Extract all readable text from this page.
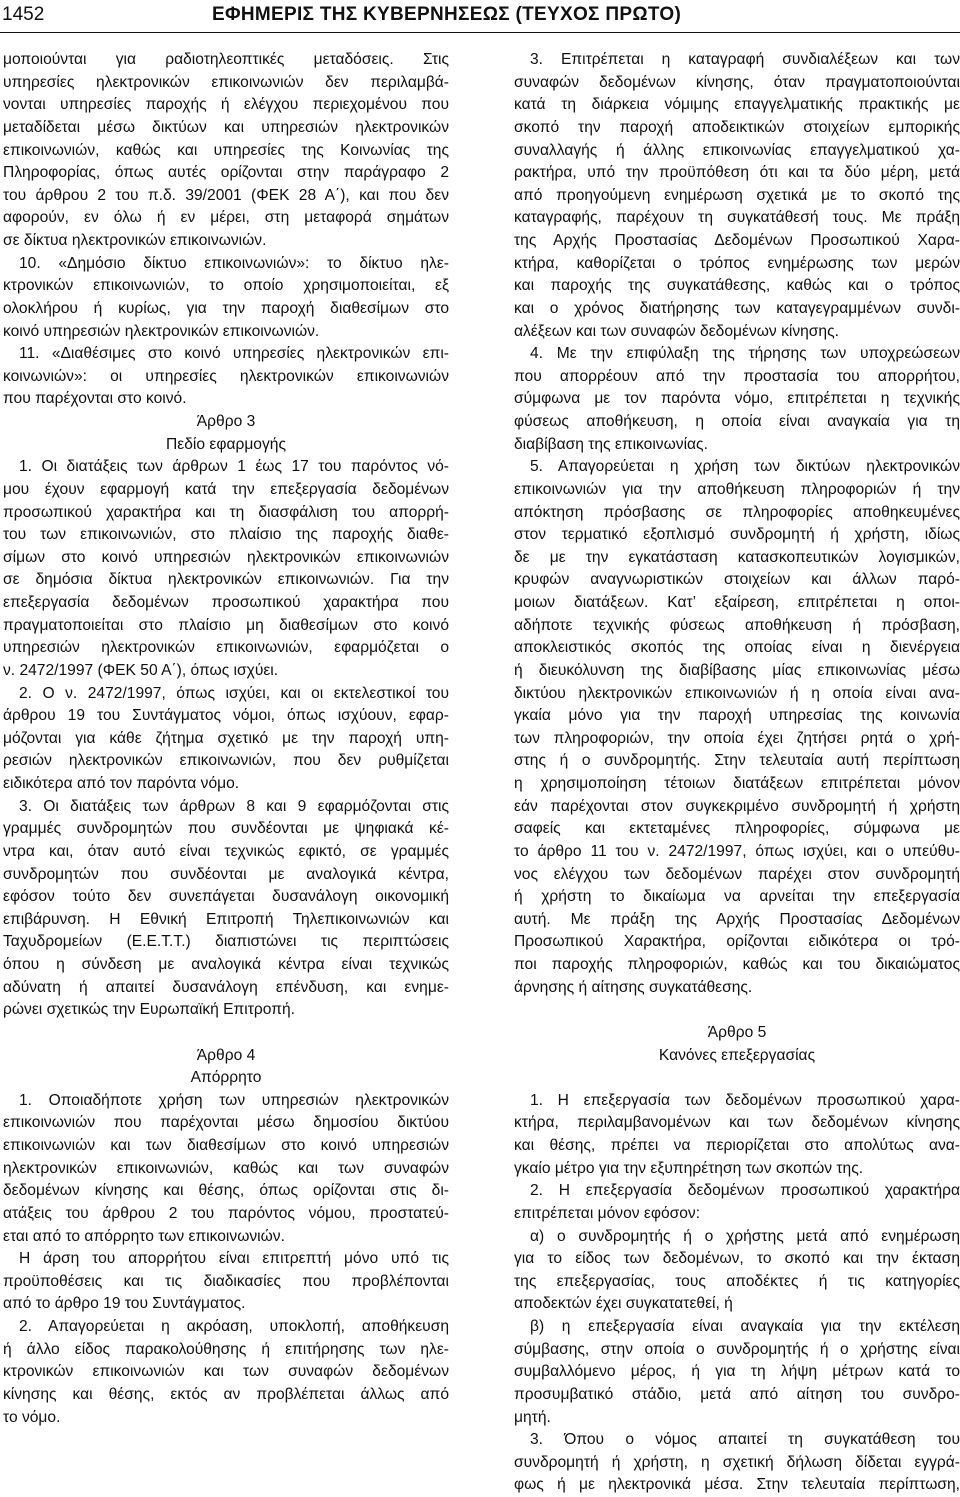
1452	ΕΦΗΜΕΡΙΣ ΤΗΣ ΚΥΒΕΡΝΗΣΕΩΣ (ΤΕΥΧΟΣ ΠΡΩΤΟ)
μοποιούνται για ραδιοτηλεοπτικές μεταδόσεις. Στις
υπηρεσίες ηλεκτρονικών επικοινωνιών δεν περιλαμβά-
νονται υπηρεσίες παροχής ή ελέγχου περιεχομένου που
μεταδίδεται μέσω δικτύων και υπηρεσιών ηλεκτρονικών
επικοινωνιών, καθώς και υπηρεσίες της Κοινωνίας της
Πληροφορίας, όπως αυτές ορίζονται στην παράγραφο 2
του άρθρου 2 του π.δ. 39/2001 (ΦΕΚ 28 Α΄), και που δεν
αφορούν, εν όλω ή εν μέρει, στη μεταφορά σημάτων
σε δίκτυα ηλεκτρονικών επικοινωνιών.
10. «Δημόσιο δίκτυο επικοινωνιών»: το δίκτυο ηλε-
κτρονικών επικοινωνιών, το οποίο χρησιμοποιείται, εξ
ολοκλήρου ή κυρίως, για την παροχή διαθεσίμων στο
κοινό υπηρεσιών ηλεκτρονικών επικοινωνιών.
11. «Διαθέσιμες στο κοινό υπηρεσίες ηλεκτρονικών επι-
κοινωνιών»: οι υπηρεσίες ηλεκτρονικών επικοινωνιών
που παρέχονται στο κοινό.
Άρθρο 3
Πεδίο εφαρμογής
1. Οι διατάξεις των άρθρων 1 έως 17 του παρόντος νό-
μου έχουν εφαρμογή κατά την επεξεργασία δεδομένων
προσωπικού χαρακτήρα και τη διασφάλιση του απορρή-
του των επικοινωνιών, στο πλαίσιο της παροχής διαθε-
σίμων στο κοινό υπηρεσιών ηλεκτρονικών επικοινωνιών
σε δημόσια δίκτυα ηλεκτρονικών επικοινωνιών. Για την
επεξεργασία δεδομένων προσωπικού χαρακτήρα που
πραγματοποιείται στο πλαίσιο μη διαθεσίμων στο κοινό
υπηρεσιών ηλεκτρονικών επικοινωνιών, εφαρμόζεται ο
ν. 2472/1997 (ΦΕΚ 50 Α΄), όπως ισχύει.
2. Ο ν. 2472/1997, όπως ισχύει, και οι εκτελεστικοί του
άρθρου 19 του Συντάγματος νόμοι, όπως ισχύουν, εφαρ-
μόζονται για κάθε ζήτημα σχετικό με την παροχή υπη-
ρεσιών ηλεκτρονικών επικοινωνιών, που δεν ρυθμίζεται
ειδικότερα από τον παρόντα νόμο.
3. Οι διατάξεις των άρθρων 8 και 9 εφαρμόζονται στις
γραμμές συνδρομητών που συνδέονται με ψηφιακά κέ-
ντρα και, όταν αυτό είναι τεχνικώς εφικτό, σε γραμμές
συνδρομητών που συνδέονται με αναλογικά κέντρα,
εφόσον τούτο δεν συνεπάγεται δυσανάλογη οικονομική
επιβάρυνση. Η Εθνική Επιτροπή Τηλεπικοινωνιών και
Ταχυδρομείων (Ε.Ε.Τ.Τ.) διαπιστώνει τις περιπτώσεις
όπου η σύνδεση με αναλογικά κέντρα είναι τεχνικώς
αδύνατη ή απαιτεί δυσανάλογη επένδυση, και ενημε-
ρώνει σχετικώς την Ευρωπαϊκή Επιτροπή.
Άρθρο 4
Απόρρητο
1. Οποιαδήποτε χρήση των υπηρεσιών ηλεκτρονικών
επικοινωνιών που παρέχονται μέσω δημοσίου δικτύου
επικοινωνιών και των διαθεσίμων στο κοινό υπηρεσιών
ηλεκτρονικών επικοινωνιών, καθώς και των συναφών
δεδομένων κίνησης και θέσης, όπως ορίζονται στις δι-
ατάξεις του άρθρου 2 του παρόντος νόμου, προστατεύ-
εται από το απόρρητο των επικοινωνιών.
Η άρση του απορρήτου είναι επιτρεπτή μόνο υπό τις
προϋποθέσεις και τις διαδικασίες που προβλέπονται
από το άρθρο 19 του Συντάγματος.
2. Απαγορεύεται η ακρόαση, υποκλοπή, αποθήκευση
ή άλλο είδος παρακολούθησης ή επιτήρησης των ηλε-
κτρονικών επικοινωνιών και των συναφών δεδομένων
κίνησης και θέσης, εκτός αν προβλέπεται άλλως από
το νόμο.
3. Επιτρέπεται η καταγραφή συνδιαλέξεων και των
συναφών δεδομένων κίνησης, όταν πραγματοποιούνται
κατά τη διάρκεια νόμιμης επαγγελματικής πρακτικής με
σκοπό την παροχή αποδεικτικών στοιχείων εμπορικής
συναλλαγής ή άλλης επικοινωνίας επαγγελματικού χα-
ρακτήρα, υπό την προϋπόθεση ότι και τα δύο μέρη, μετά
από προηγούμενη ενημέρωση σχετικά με το σκοπό της
καταγραφής, παρέχουν τη συγκατάθεσή τους. Με πράξη
της Αρχής Προστασίας Δεδομένων Προσωπικού Χαρα-
κτήρα, καθορίζεται ο τρόπος ενημέρωσης των μερών
και παροχής της συγκατάθεσης, καθώς και ο τρόπος
και ο χρόνος διατήρησης των καταγεγραμμένων συνδι-
αλέξεων και των συναφών δεδομένων κίνησης.
4. Με την επιφύλαξη της τήρησης των υποχρεώσεων
που απορρέουν από την προστασία του απορρήτου,
σύμφωνα με τον παρόντα νόμο, επιτρέπεται η τεχνικής
φύσεως αποθήκευση, η οποία είναι αναγκαία για τη
διαβίβαση της επικοινωνίας.
5. Απαγορεύεται η χρήση των δικτύων ηλεκτρονικών
επικοινωνιών για την αποθήκευση πληροφοριών ή την
απόκτηση πρόσβασης σε πληροφορίες αποθηκευμένες
στον τερματικό εξοπλισμό συνδρομητή ή χρήστη, ιδίως
δε με την εγκατάσταση κατασκοπευτικών λογισμικών,
κρυφών αναγνωριστικών στοιχείων και άλλων παρό-
μοιων διατάξεων. Κατ’ εξαίρεση, επιτρέπεται η οποι-
αδήποτε τεχνικής φύσεως αποθήκευση ή πρόσβαση,
αποκλειστικός σκοπός της οποίας είναι η διενέργεια
ή διευκόλυνση της διαβίβασης μίας επικοινωνίας μέσω
δικτύου ηλεκτρονικών επικοινωνιών ή η οποία είναι ανα-
γκαία μόνο για την παροχή υπηρεσίας της κοινωνία
των πληροφοριών, την οποία έχει ζητήσει ρητά ο χρή-
στης ή ο συνδρομητής. Στην τελευταία αυτή περίπτωση
η χρησιμοποίηση τέτοιων διατάξεων επιτρέπεται μόνον
εάν παρέχονται στον συγκεκριμένο συνδρομητή ή χρήστη
σαφείς και εκτεταμένες πληροφορίες, σύμφωνα με
το άρθρο 11 του ν. 2472/1997, όπως ισχύει, και ο υπεύθυ-
νος ελέγχου των δεδομένων παρέχει στον συνδρομητή
ή χρήστη το δικαίωμα να αρνείται την επεξεργασία
αυτή. Με πράξη της Αρχής Προστασίας Δεδομένων
Προσωπικού Χαρακτήρα, ορίζονται ειδικότερα οι τρό-
ποι παροχής πληροφοριών, καθώς και του δικαιώματος
άρνησης ή αίτησης συγκατάθεσης.
Άρθρο 5
Κανόνες επεξεργασίας
1. Η επεξεργασία των δεδομένων προσωπικού χαρα-
κτήρα, περιλαμβανομένων και των δεδομένων κίνησης
και θέσης, πρέπει να περιορίζεται στο απολύτως ανα-
γκαίο μέτρο για την εξυπηρέτηση των σκοπών της.
2. Η επεξεργασία δεδομένων προσωπικού χαρακτήρα
επιτρέπεται μόνον εφόσον:
α) ο συνδρομητής ή ο χρήστης μετά από ενημέρωση
για το είδος των δεδομένων, το σκοπό και την έκταση
της επεξεργασίας, τους αποδέκτες ή τις κατηγορίες
αποδεκτών έχει συγκατατεθεί, ή
β) η επεξεργασία είναι αναγκαία για την εκτέλεση
σύμβασης, στην οποία ο συνδρομητής ή ο χρήστης είναι
συμβαλλόμενο μέρος, ή για τη λήψη μέτρων κατά το
προσυμβατικό στάδιο, μετά από αίτηση του συνδρο-
μητή.
3. Όπου ο νόμος απαιτεί τη συγκατάθεση του
συνδρομητή ή χρήστη, η σχετική δήλωση δίδεται εγγρά-
φως ή με ηλεκτρονικά μέσα. Στην τελευταία περίπτωση,
